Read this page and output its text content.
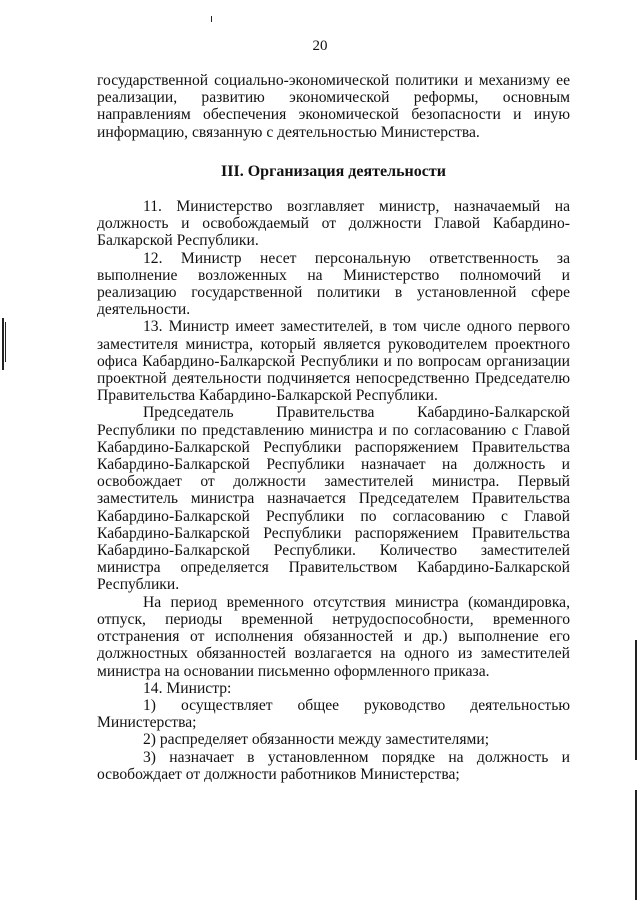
20

государственной социально-экономической политики и механизму ее реализации, развитию экономической реформы, основным направлениям обеспечения экономической безопасности и иную информацию, связанную с деятельностью Министерства.

III. Организация деятельности

11. Министерство возглавляет министр, назначаемый на должность и освобождаемый от должности Главой Кабардино-Балкарской Республики.

12. Министр несет персональную ответственность за выполнение возложенных на Министерство полномочий и реализацию государственной политики в установленной сфере деятельности.

13. Министр имеет заместителей, в том числе одного первого заместителя министра, который является руководителем проектного офиса Кабардино-Балкарской Республики и по вопросам организации проектной деятельности подчиняется непосредственно Председателю Правительства Кабардино-Балкарской Республики.

Председатель Правительства Кабардино-Балкарской Республики по представлению министра и по согласованию с Главой Кабардино-Балкарской Республики распоряжением Правительства Кабардино-Балкарской Республики назначает на должность и освобождает от должности заместителей министра. Первый заместитель министра назначается Председателем Правительства Кабардино-Балкарской Республики по согласованию с Главой Кабардино-Балкарской Республики распоряжением Правительства Кабардино-Балкарской Республики. Количество заместителей министра определяется Правительством Кабардино-Балкарской Республики.

На период временного отсутствия министра (командировка, отпуск, периоды временной нетрудоспособности, временного отстранения от исполнения обязанностей и др.) выполнение его должностных обязанностей возлагается на одного из заместителей министра на основании письменно оформленного приказа.

14. Министр:

1) осуществляет общее руководство деятельностью Министерства;

2) распределяет обязанности между заместителями;

3) назначает в установленном порядке на должность и освобождает от должности работников Министерства;
